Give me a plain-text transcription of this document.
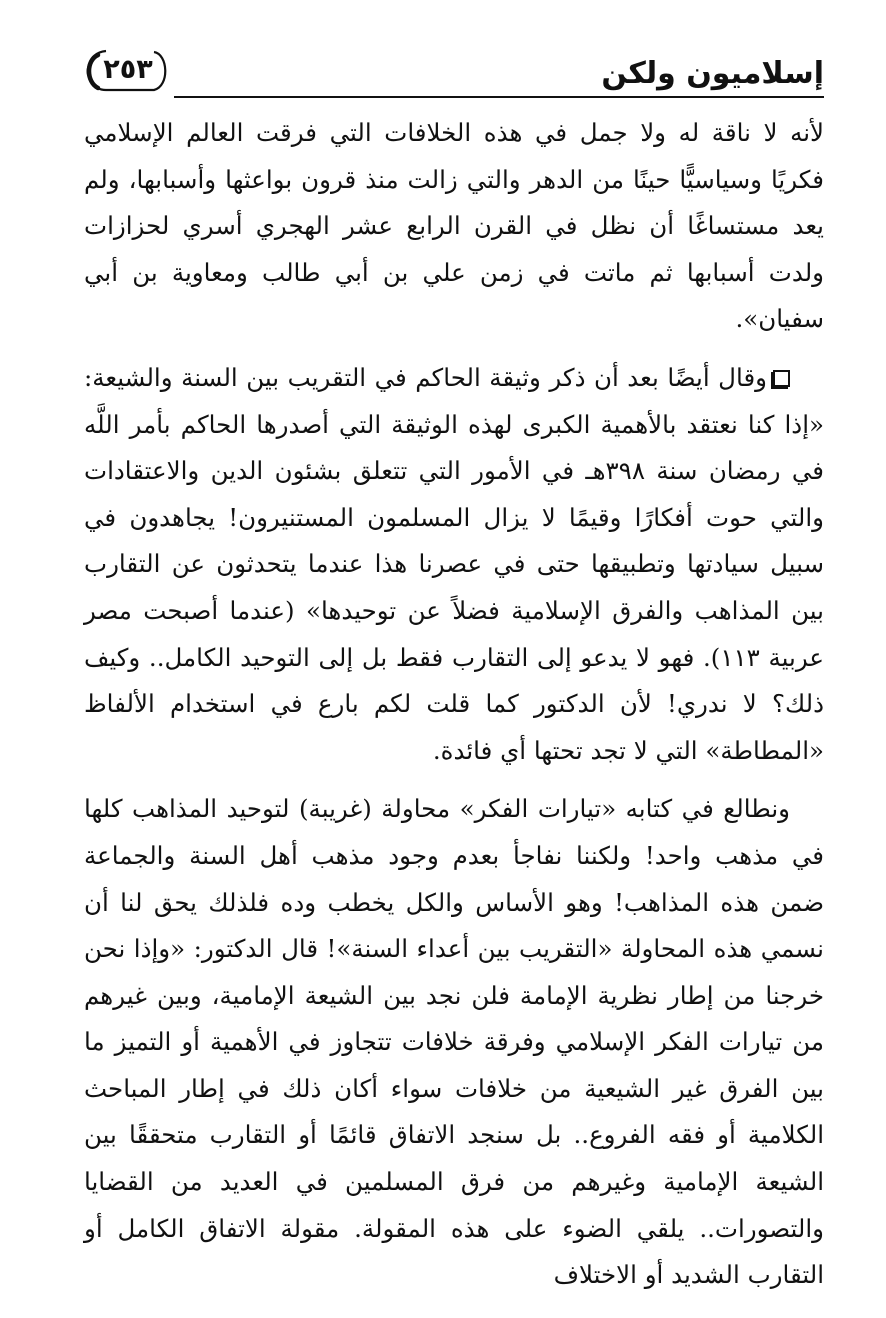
إسلاميون ولكن
٢٥٣

لأنه لا ناقة له ولا جمل في هذه الخلافات التي فرقت العالم الإسلامي فكريًا وسياسيًّا حينًا من الدهر والتي زالت منذ قرون بواعثها وأسبابها، ولم يعد مستساغًا أن نظل في القرن الرابع عشر الهجري أسري لحزازات ولدت أسبابها ثم ماتت في زمن علي بن أبي طالب ومعاوية بن أبي سفيان».

وقال أيضًا بعد أن ذكر وثيقة الحاكم في التقريب بين السنة والشيعة: «إذا كنا نعتقد بالأهمية الكبرى لهذه الوثيقة التي أصدرها الحاكم بأمر اللَّه في رمضان سنة ٣٩٨هـ في الأمور التي تتعلق بشئون الدين والاعتقادات والتي حوت أفكارًا وقيمًا لا يزال المسلمون المستنيرون! يجاهدون في سبيل سيادتها وتطبيقها حتى في عصرنا هذا عندما يتحدثون عن التقارب بين المذاهب والفرق الإسلامية فضلاً عن توحيدها» (عندما أصبحت مصر عربية ١١٣). فهو لا يدعو إلى التقارب فقط بل إلى التوحيد الكامل.. وكيف ذلك؟ لا ندري! لأن الدكتور كما قلت لكم بارع في استخدام الألفاظ «المطاطة» التي لا تجد تحتها أي فائدة.

ونطالع في كتابه «تيارات الفكر» محاولة (غريبة) لتوحيد المذاهب كلها في مذهب واحد! ولكننا نفاجأ بعدم وجود مذهب أهل السنة والجماعة ضمن هذه المذاهب! وهو الأساس والكل يخطب وده فلذلك يحق لنا أن نسمي هذه المحاولة «التقريب بين أعداء السنة»! قال الدكتور: «وإذا نحن خرجنا من إطار نظرية الإمامة فلن نجد بين الشيعة الإمامية، وبين غيرهم من تيارات الفكر الإسلامي وفرقة خلافات تتجاوز في الأهمية أو التميز ما بين الفرق غير الشيعية من خلافات سواء أكان ذلك في إطار المباحث الكلامية أو فقه الفروع.. بل سنجد الاتفاق قائمًا أو التقارب متحققًا بين الشيعة الإمامية وغيرهم من فرق المسلمين في العديد من القضايا والتصورات.. يلقي الضوء على هذه المقولة. مقولة الاتفاق الكامل أو التقارب الشديد أو الاختلاف
